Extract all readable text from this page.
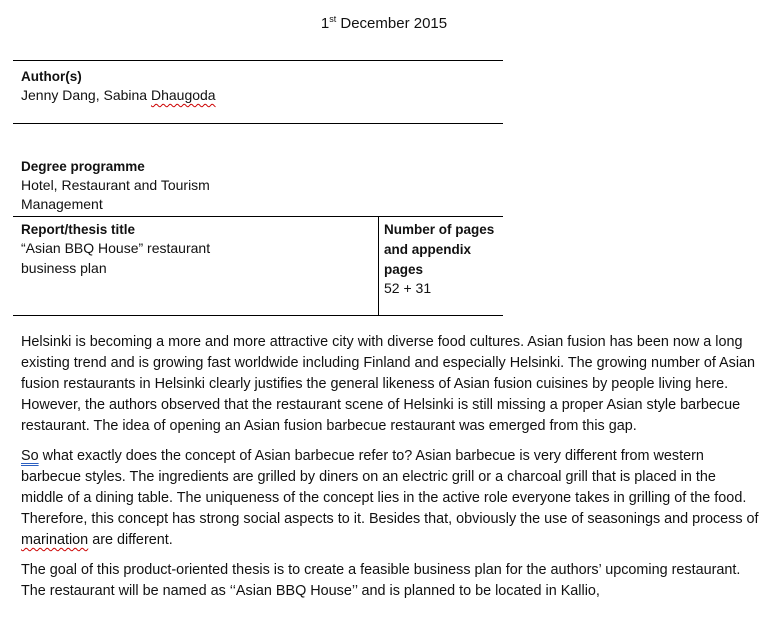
1st December 2015
Author(s)
Jenny Dang, Sabina Dhaugoda
Degree programme
Hotel, Restaurant and Tourism
Management
Report/thesis title
“Asian BBQ House” restaurant
business plan
Number of pages
and appendix
pages
52 + 31

Helsinki is becoming a more and more attractive city with diverse food cultures. Asian fusion has been now a long existing trend and is growing fast worldwide including Finland and especially Helsinki. The growing number of Asian fusion restaurants in Helsinki clearly justifies the general likeness of Asian fusion cuisines by people living here. However, the authors observed that the restaurant scene of Helsinki is still missing a proper Asian style barbecue restaurant. The idea of opening an Asian fusion barbecue restaurant was emerged from this gap.

So what exactly does the concept of Asian barbecue refer to? Asian barbecue is very different from western barbecue styles. The ingredients are grilled by diners on an electric grill or a charcoal grill that is placed in the middle of a dining table. The uniqueness of the concept lies in the active role everyone takes in grilling of the food. Therefore, this concept has strong social aspects to it. Besides that, obviously the use of seasonings and process of marination are different.

The goal of this product-oriented thesis is to create a feasible business plan for the authors’ upcoming restaurant. The restaurant will be named as ‘‘Asian BBQ House’’ and is planned to be located in Kallio,
